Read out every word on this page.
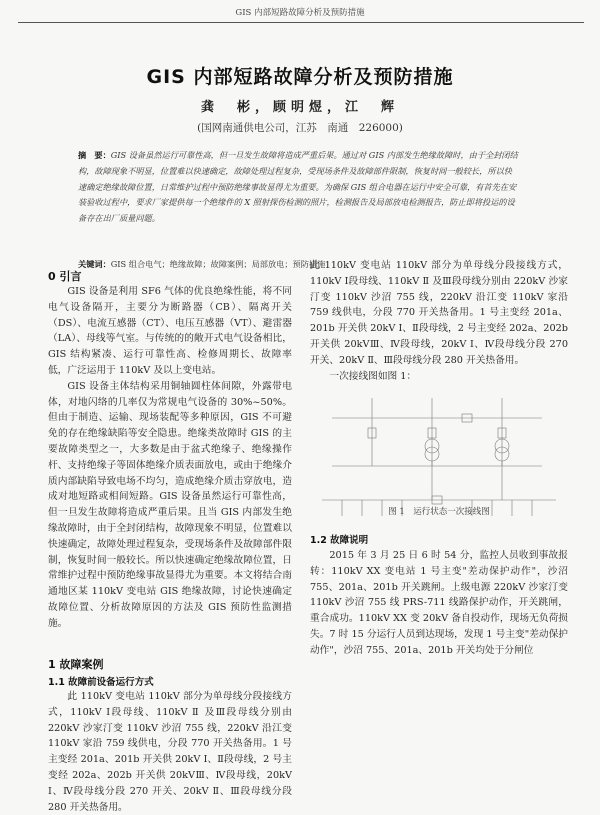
GIS 内部短路故障分析及预防措施
GIS 内部短路故障分析及预防措施
龚　彬，顾明煜，江　辉
(国网南通供电公司，江苏　南通　226000)
摘　要：GIS 设备虽然运行可靠性高，但一旦发生故障将造成严重后果。通过对 GIS 内部发生绝缘故障时，由于全封闭结构，故障现象不明显，位置难以快速确定，故障处理过程复杂，受现场条件及故障部件限制，恢复时间一般较长，所以快速确定绝缘故障位置，日常维护过程中预防绝缘事故显得尤为重要。为确保 GIS 组合电器在运行中安全可靠，有首先在安装验收过程中，要求厂家提供每一个绝缘件的 X 照射探伤检测的照片，检测报告及局部放电检测报告，防止即将投运的设备存在出厂质量问题。
关键词：GIS 组合电气；绝缘故障；故障案例；局部放电；预防措施
0 引言

GIS 设备是利用 SF6 气体的优良绝缘性能，将不同电气设备隔开，主要分为断路器（CB）、隔离开关（DS）、电流互感器（CT）、电压互感器（VT）、避雷器（LA）、母线等气室。与传统的的敞开式电气设备相比，GIS 结构紧凑、运行可靠性高、检修周期长、故障率低，广泛运用于 110kV 及以上变电站。

GIS 设备主体结构采用铜轴圆柱体间隙，外露带电体，对地闪络的几率仅为常规电气设备的 30%~50%。但由于制造、运输、现场装配等多种原因，GIS 不可避免的存在绝缘缺陷等安全隐患。绝缘类故障时 GIS 的主要故障类型之一，大多数是由于盆式绝缘子、绝缘操作杆、支持绝缘子等固体绝缘介质表面放电，或由于绝缘介质内部缺陷导致电场不均匀，造成绝缘介质击穿放电，造成对地短路或相间短路。GIS 设备虽然运行可靠性高，但一旦发生故障将造成严重后果。且当 GIS 内部发生绝缘故障时，由于全封闭结构，故障现象不明显，位置难以快速确定，故障处理过程复杂，受现场条件及故障部件限制，恢复时间一般较长。所以快速确定绝缘故障位置，日常维护过程中预防绝缘事故显得尤为重要。本文将结合南通地区某 110kV 变电站 GIS 绝缘故障，讨论快速确定故障位置、分析故障原因的方法及 GIS 预防性监测措施。

1 故障案例
1.1 故障前设备运行方式

此 110kV 变电站 110kV 部分为单母线分段接线方式，110kV Ⅰ段母线、110kV Ⅱ 及Ⅲ段母线分别由 220kV 沙家汀变 110kV 沙沼 755 线，220kV 沿江变 110kV 家沿 759 线供电，分段 770 开关热备用。1 号主变经 201a、201b 开关供 20kV Ⅰ、Ⅱ段母线，2 号主变经 202a、202b 开关供 20kVⅢ、Ⅳ段母线，20kV Ⅰ、Ⅳ段母线分段 270 开关、20kV Ⅱ、Ⅲ段母线分段 280 开关热备用。

此 110kV 变电站 110kV 部分为单母线分段接线方式，110kV Ⅰ段母线、110kV Ⅱ 及Ⅲ段母线分别由 220kV 沙家汀变 110kV 沙沼 755 线，220kV 沿江变 110kV 家沿 759 线供电，分段 770 开关热备用。1 号主变经 201a、201b 开关供 20kV Ⅰ、Ⅱ段母线，2 号主变经 202a、202b 开关供 20kVⅢ、Ⅳ段母线，20kV Ⅰ、Ⅳ段母线分段 270 开关、20kV Ⅱ、Ⅲ段母线分段 280 开关热备用。

一次接线图如图 1：

图 1　运行状态一次接线图
1.2 故障说明

2015 年 3 月 25 日 6 时 54 分，监控人员收到事故报转：110kV XX 变电站 1 号主变"差动保护动作"，沙沼 755、201a、201b 开关跳闸。上级电源 220kV 沙家汀变 110kV 沙沼 755 线 PRS-711 线路保护动作，开关跳闸，重合成功。110kV XX 变 20kV 备自投动作，现场无负荷损失。7 时 15 分运行人员到达现场，发现 1 号主变"差动保护动作"，沙沼 755、201a、201b 开关均处于分闸位
